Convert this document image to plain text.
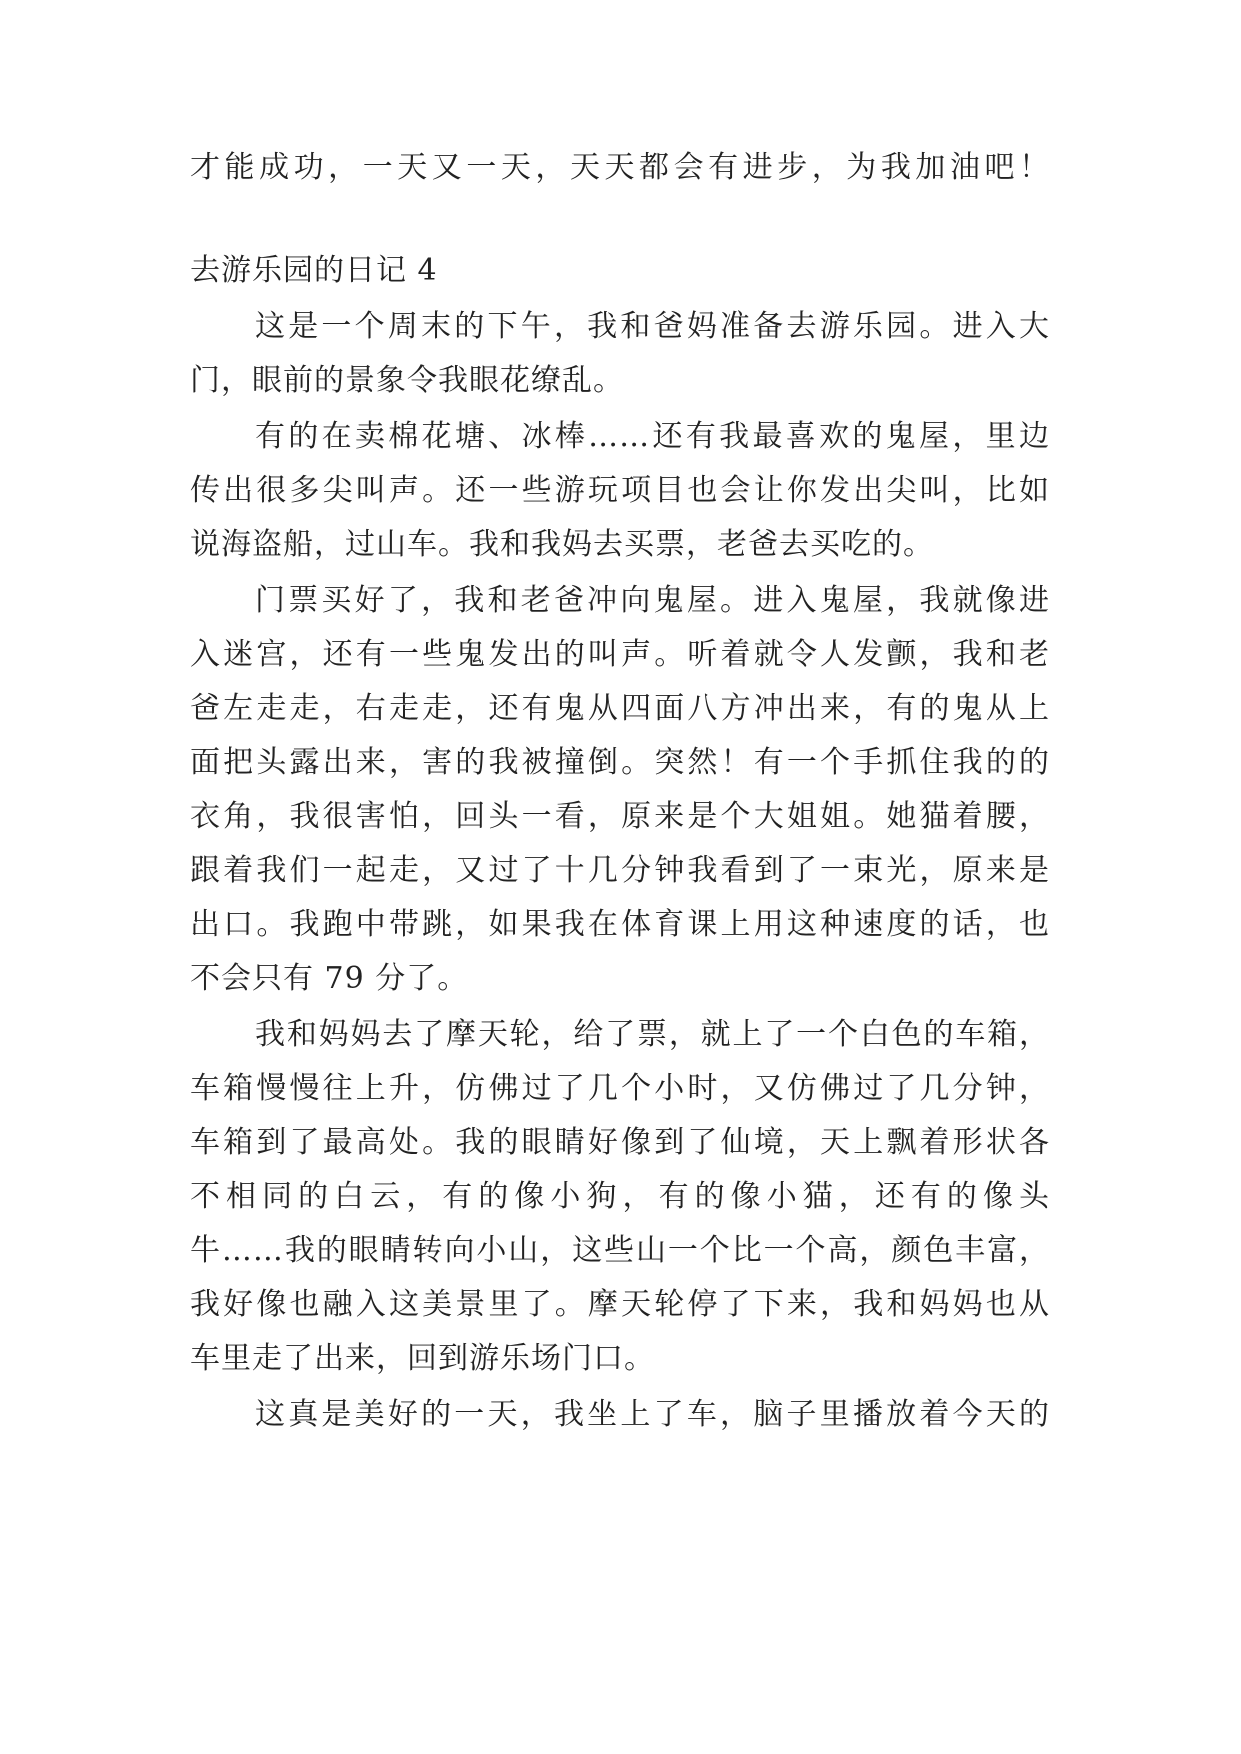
才能成功，一天又一天，天天都会有进步，为我加油吧！
去游乐园的日记 4
这是一个周末的下午，我和爸妈准备去游乐园。进入大
门，眼前的景象令我眼花缭乱。
有的在卖棉花塘、冰棒……还有我最喜欢的鬼屋，里边
传出很多尖叫声。还一些游玩项目也会让你发出尖叫，比如
说海盗船，过山车。我和我妈去买票，老爸去买吃的。
门票买好了，我和老爸冲向鬼屋。进入鬼屋，我就像进
入迷宫，还有一些鬼发出的叫声。听着就令人发颤，我和老
爸左走走，右走走，还有鬼从四面八方冲出来，有的鬼从上
面把头露出来，害的我被撞倒。突然！有一个手抓住我的的
衣角，我很害怕，回头一看，原来是个大姐姐。她猫着腰，
跟着我们一起走，又过了十几分钟我看到了一束光，原来是
出口。我跑中带跳，如果我在体育课上用这种速度的话，也
不会只有 79 分了。
我和妈妈去了摩天轮，给了票，就上了一个白色的车箱，
车箱慢慢往上升，仿佛过了几个小时，又仿佛过了几分钟，
车箱到了最高处。我的眼睛好像到了仙境，天上飘着形状各
不相同的白云，有的像小狗，有的像小猫，还有的像头
牛……我的眼睛转向小山，这些山一个比一个高，颜色丰富，
我好像也融入这美景里了。摩天轮停了下来，我和妈妈也从
车里走了出来，回到游乐场门口。
这真是美好的一天，我坐上了车，脑子里播放着今天的
